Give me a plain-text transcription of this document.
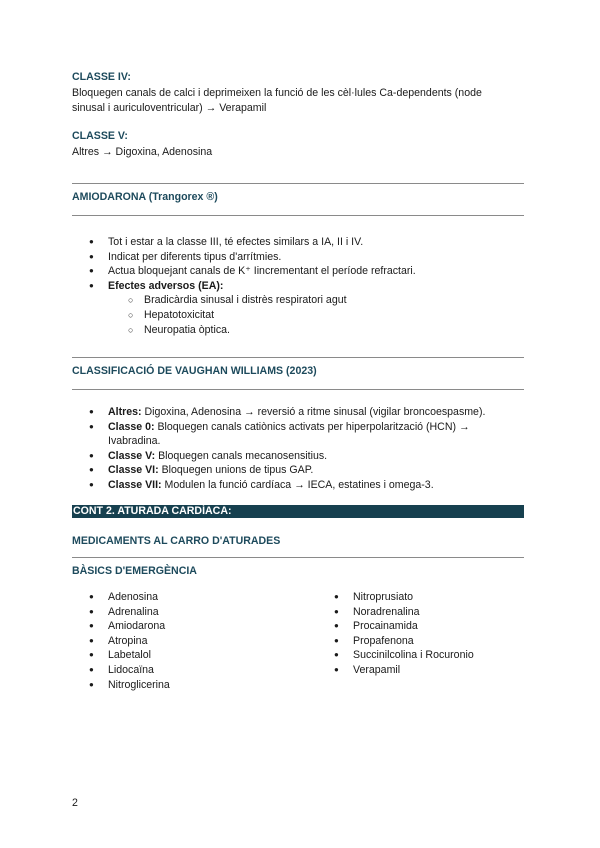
CLASSE IV:
Bloquegen canals de calci i deprimeixen la funció de les cèl·lules Ca-dependents (node
sinusal i auriculoventricular) → Verapamil
CLASSE V:
Altres → Digoxina, Adenosina
AMIODARONA (Trangorex ®)
● Tot i estar a la classe III, té efectes similars a IA, II i IV.
● Indicat per diferents tipus d'arrítmies.
● Actua bloquejant canals de K⁺ Iincrementant el període refractari.
● Efectes adversos (EA):
○ Bradicàrdia sinusal i distrès respiratori agut
○ Hepatotoxicitat
○ Neuropatia òptica.
CLASSIFICACIÓ DE VAUGHAN WILLIAMS (2023)
● Altres: Digoxina, Adenosina → reversió a ritme sinusal (vigilar broncoespasme).
● Classe 0: Bloquegen canals catiònics activats per hiperpolarització (HCN) →
Ivabradina.
● Classe V: Bloquegen canals mecanosensitius.
● Classe VI: Bloquegen unions de tipus GAP.
● Classe VII: Modulen la funció cardíaca → IECA, estatines i omega-3.
CONT 2. ATURADA CARDÍACA:
MEDICAMENTS AL CARRO D'ATURADES
BÀSICS D'EMERGÈNCIA
● Adenosina
● Adrenalina
● Amiodarona
● Atropina
● Labetalol
● Lidocaïna
● Nitroglicerina
● Nitroprusiato
● Noradrenalina
● Procainamida
● Propafenona
● Succinilcolina i Rocuronio
● Verapamil
2
